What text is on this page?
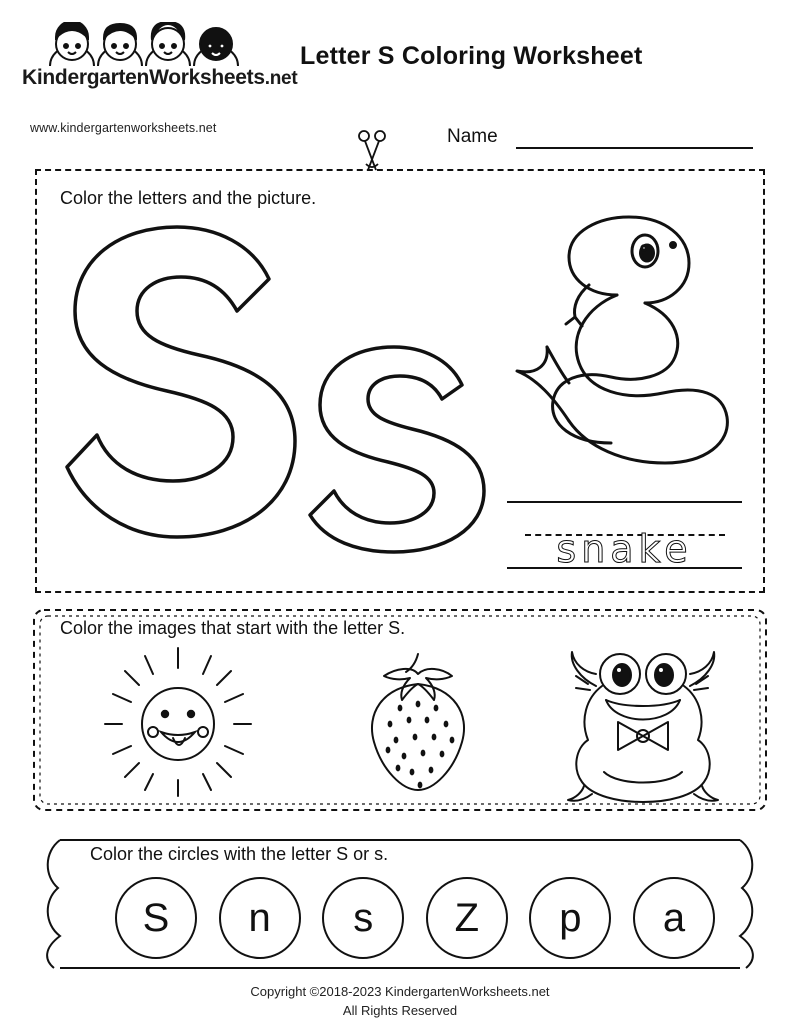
KindergartenWorksheets.net
www.kindergartenworksheets.net
Letter S Coloring Worksheet
Name
Color the letters and the picture.
snake
Color the images that start with the letter S.
Color the circles with the letter S or s.
S	n	s	Z	p	a
Copyright ©2018-2023 KindergartenWorksheets.net
All Rights Reserved
